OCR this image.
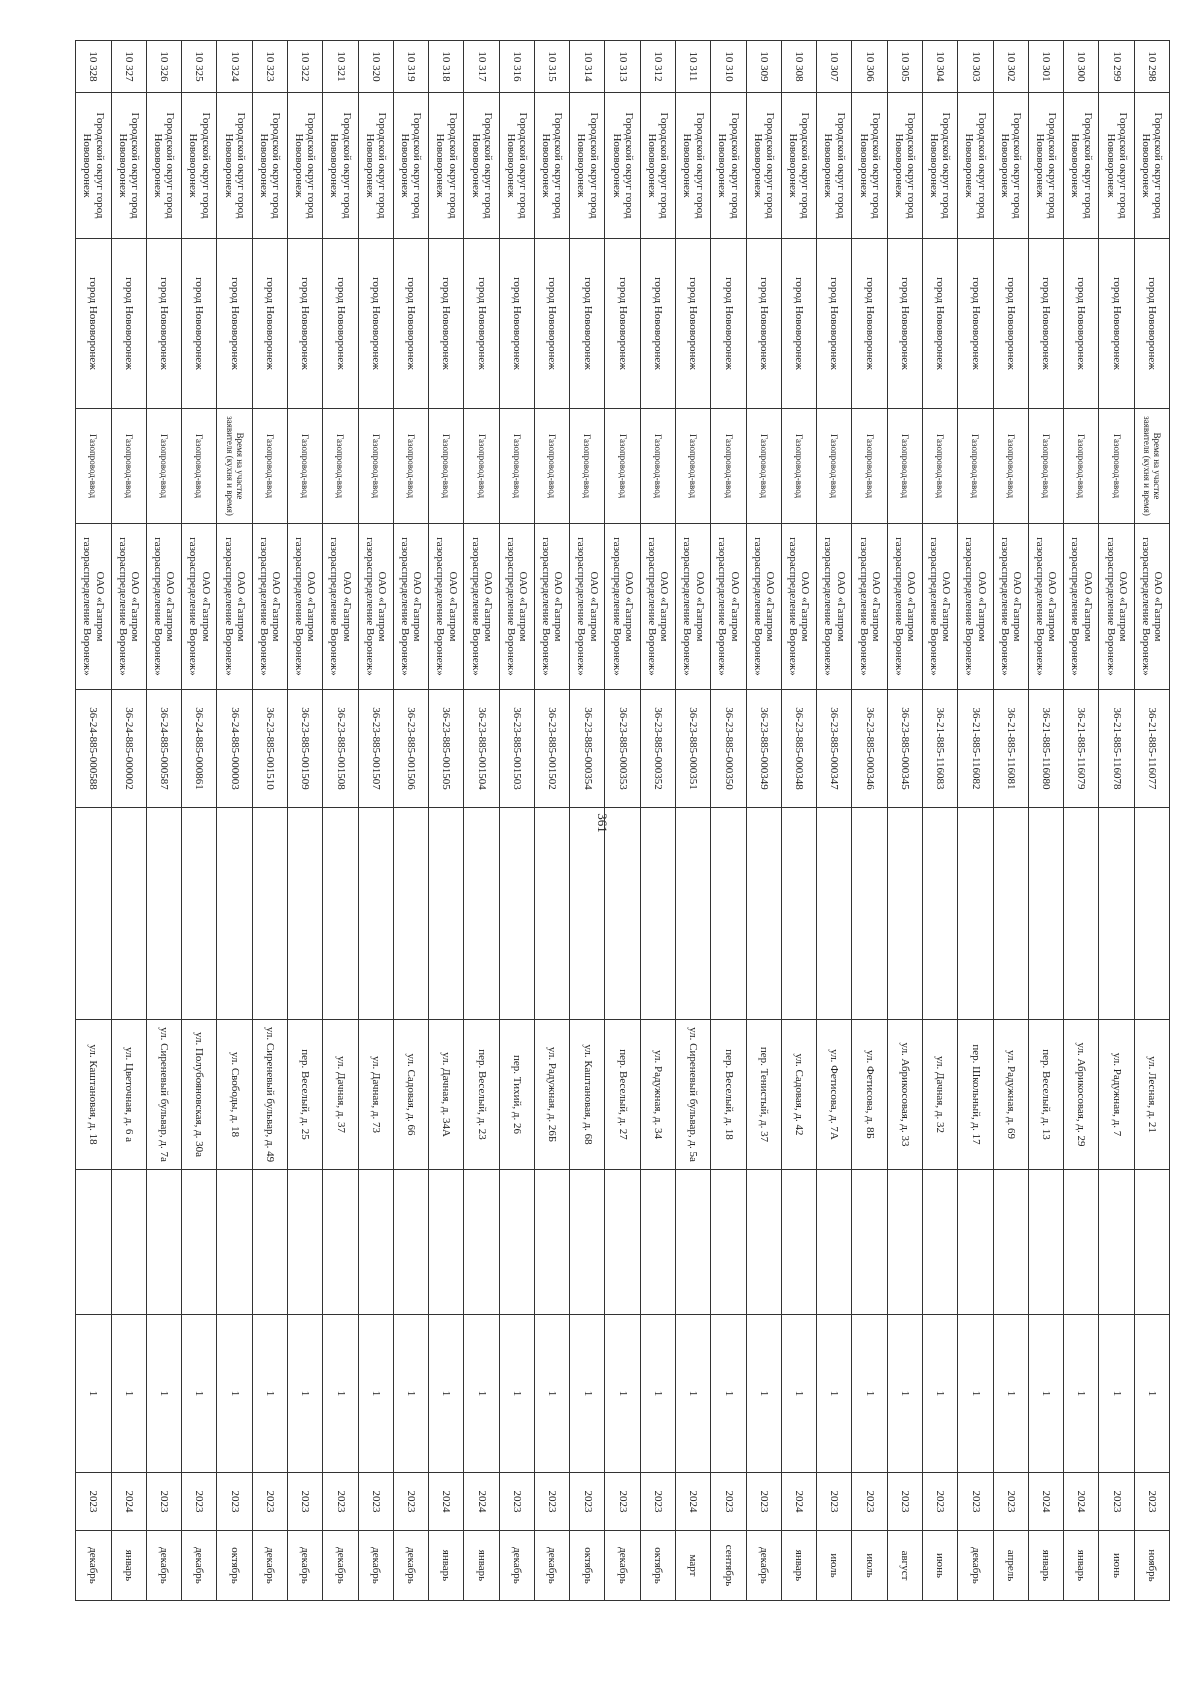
361
10 298	Городской округ город Нововоронеж	город Нововоронеж	Время на участке заявителя (кухня и время)	ОАО «Газпром газораспределение Воронеж»	36-21-885-116077		ул. Лесная, д. 21		1	2023	ноябрь
10 299	Городской округ город Нововоронеж	город Нововоронеж	Газопровод-ввод	ОАО «Газпром газораспределение Воронеж»	36-21-885-116078		ул. Радужная, д. 7		1	2023	июнь
10 300	Городской округ город Нововоронеж	город Нововоронеж	Газопровод-ввод	ОАО «Газпром газораспределение Воронеж»	36-21-885-116079		ул. Абрикосовая, д. 29		1	2024	январь
10 301	Городской округ город Нововоронеж	город Нововоронеж	Газопровод-ввод	ОАО «Газпром газораспределение Воронеж»	36-21-885-116080		пер. Веселый, д. 13		1	2024	январь
10 302	Городской округ город Нововоронеж	город Нововоронеж	Газопровод-ввод	ОАО «Газпром газораспределение Воронеж»	36-21-885-116081		ул. Радужная, д. 69		1	2023	апрель
10 303	Городской округ город Нововоронеж	город Нововоронеж	Газопровод-ввод	ОАО «Газпром газораспределение Воронеж»	36-21-885-116082		пер. Школьный, д. 17		1	2023	декабрь
10 304	Городской округ город Нововоронеж	город Нововоронеж	Газопровод-ввод	ОАО «Газпром газораспределение Воронеж»	36-21-885-116083		ул. Дачная, д. 32		1	2023	июнь
10 305	Городской округ город Нововоронеж	город Нововоронеж	Газопровод-ввод	ОАО «Газпром газораспределение Воронеж»	36-23-885-000345		ул. Абрикосовая, д. 33		1	2023	август
10 306	Городской округ город Нововоронеж	город Нововоронеж	Газопровод-ввод	ОАО «Газпром газораспределение Воронеж»	36-23-885-000346		ул. Фетисова, д. 8Б		1	2023	июль
10 307	Городской округ город Нововоронеж	город Нововоронеж	Газопровод-ввод	ОАО «Газпром газораспределение Воронеж»	36-23-885-000347		ул. Фетисова, д. 7А		1	2023	июль
10 308	Городской округ город Нововоронеж	город Нововоронеж	Газопровод-ввод	ОАО «Газпром газораспределение Воронеж»	36-23-885-000348		ул. Садовая, д. 42		1	2024	январь
10 309	Городской округ город Нововоронеж	город Нововоронеж	Газопровод-ввод	ОАО «Газпром газораспределение Воронеж»	36-23-885-000349		пер. Тенистый, д. 37		1	2023	декабрь
10 310	Городской округ город Нововоронеж	город Нововоронеж	Газопровод-ввод	ОАО «Газпром газораспределение Воронеж»	36-23-885-000350		пер. Веселый, д. 18		1	2023	сентябрь
10 311	Городской округ город Нововоронеж	город Нововоронеж	Газопровод-ввод	ОАО «Газпром газораспределение Воронеж»	36-23-885-000351		ул. Сиреневый бульвар, д. 5а		1	2024	март
10 312	Городской округ город Нововоронеж	город Нововоронеж	Газопровод-ввод	ОАО «Газпром газораспределение Воронеж»	36-23-885-000352		ул. Радужная, д. 34		1	2023	октябрь
10 313	Городской округ город Нововоронеж	город Нововоронеж	Газопровод-ввод	ОАО «Газпром газораспределение Воронеж»	36-23-885-000353		пер. Веселый, д. 27		1	2023	декабрь
10 314	Городской округ город Нововоронеж	город Нововоронеж	Газопровод-ввод	ОАО «Газпром газораспределение Воронеж»	36-23-885-000354		ул. Каштановая, д. 68		1	2023	октябрь
10 315	Городской округ город Нововоронеж	город Нововоронеж	Газопровод-ввод	ОАО «Газпром газораспределение Воронеж»	36-23-885-001502		ул. Радужная, д. 26Б		1	2023	декабрь
10 316	Городской округ город Нововоронеж	город Нововоронеж	Газопровод-ввод	ОАО «Газпром газораспределение Воронеж»	36-23-885-001503		пер. Тихий, д. 26		1	2023	декабрь
10 317	Городской округ город Нововоронеж	город Нововоронеж	Газопровод-ввод	ОАО «Газпром газораспределение Воронеж»	36-23-885-001504		пер. Веселый, д. 23		1	2024	январь
10 318	Городской округ город Нововоронеж	город Нововоронеж	Газопровод-ввод	ОАО «Газпром газораспределение Воронеж»	36-23-885-001505		ул. Дачная, д. 34А		1	2024	январь
10 319	Городской округ город Нововоронеж	город Нововоронеж	Газопровод-ввод	ОАО «Газпром газораспределение Воронеж»	36-23-885-001506		ул. Садовая, д. 66		1	2023	декабрь
10 320	Городской округ город Нововоронеж	город Нововоронеж	Газопровод-ввод	ОАО «Газпром газораспределение Воронеж»	36-23-885-001507		ул. Дачная, д. 73		1	2023	декабрь
10 321	Городской округ город Нововоронеж	город Нововоронеж	Газопровод-ввод	ОАО «Газпром газораспределение Воронеж»	36-23-885-001508		ул. Дачная, д. 37		1	2023	декабрь
10 322	Городской округ город Нововоронеж	город Нововоронеж	Газопровод-ввод	ОАО «Газпром газораспределение Воронеж»	36-23-885-001509		пер. Веселый, д. 25		1	2023	декабрь
10 323	Городской округ город Нововоронеж	город Нововоронеж	Газопровод-ввод	ОАО «Газпром газораспределение Воронеж»	36-23-885-001510		ул. Сиреневый бульвар, д. 49		1	2023	декабрь
10 324	Городской округ город Нововоронеж	город Нововоронеж	Время на участке заявителя (кухня и время)	ОАО «Газпром газораспределение Воронеж»	36-24-885-000003		ул. Свободы, д. 18		1	2023	октябрь
10 325	Городской округ город Нововоронеж	город Нововоронеж	Газопровод-ввод	ОАО «Газпром газораспределение Воронеж»	36-24-885-000861		ул. Полубояновская, д. 30а		1	2023	декабрь
10 326	Городской округ город Нововоронеж	город Нововоронеж	Газопровод-ввод	ОАО «Газпром газораспределение Воронеж»	36-24-885-000587		ул. Сиреневый бульвар, д. 7а		1	2023	декабрь
10 327	Городской округ город Нововоронеж	город Нововоронеж	Газопровод-ввод	ОАО «Газпром газораспределение Воронеж»	36-24-885-000002		ул. Цветочная, д. 6 а		1	2024	январь
10 328	Городской округ город Нововоронеж	город Нововоронеж	Газопровод-ввод	ОАО «Газпром газораспределение Воронеж»	36-24-885-000588		ул. Каштановая, д. 18		1	2023	декабрь
